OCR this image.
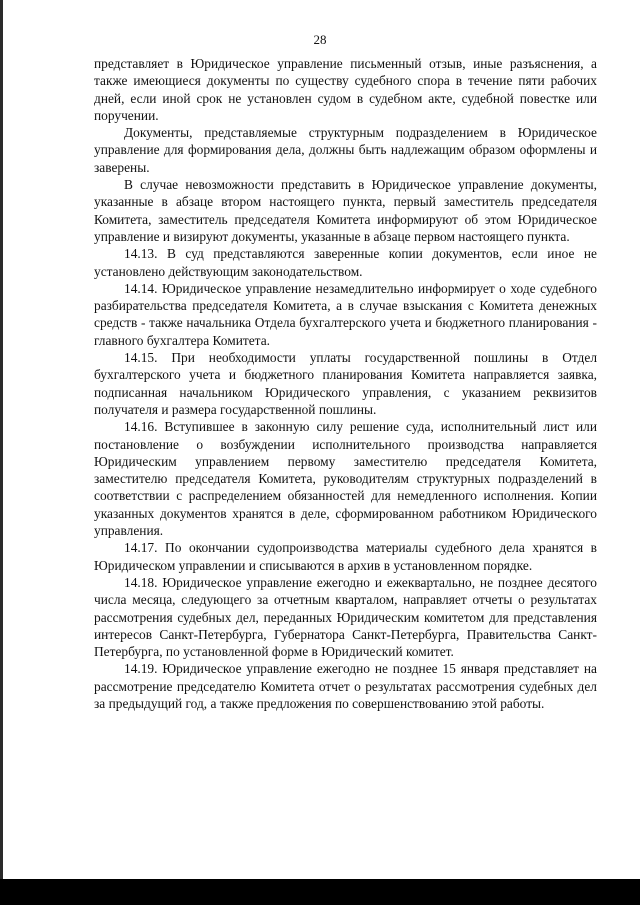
28

представляет в Юридическое управление письменный отзыв, иные разъяснения, а также имеющиеся документы по существу судебного спора в течение пяти рабочих дней, если иной срок не установлен судом в судебном акте, судебной повестке или поручении.

Документы, представляемые структурным подразделением в Юридическое управление для формирования дела, должны быть надлежащим образом оформлены и заверены.

В случае невозможности представить в Юридическое управление документы, указанные в абзаце втором настоящего пункта, первый заместитель председателя Комитета, заместитель председателя Комитета информируют об этом Юридическое управление и визируют документы, указанные в абзаце первом настоящего пункта.

14.13. В суд представляются заверенные копии документов, если иное не установлено действующим законодательством.

14.14. Юридическое управление незамедлительно информирует о ходе судебного разбирательства председателя Комитета, а в случае взыскания с Комитета денежных средств - также начальника Отдела бухгалтерского учета и бюджетного планирования - главного бухгалтера Комитета.

14.15. При необходимости уплаты государственной пошлины в Отдел бухгалтерского учета и бюджетного планирования Комитета направляется заявка, подписанная начальником Юридического управления, с указанием реквизитов получателя и размера государственной пошлины.

14.16. Вступившее в законную силу решение суда, исполнительный лист или постановление о возбуждении исполнительного производства направляется Юридическим управлением первому заместителю председателя Комитета, заместителю председателя Комитета, руководителям структурных подразделений в соответствии с распределением обязанностей для немедленного исполнения. Копии указанных документов хранятся в деле, сформированном работником Юридического управления.

14.17. По окончании судопроизводства материалы судебного дела хранятся в Юридическом управлении и списываются в архив в установленном порядке.

14.18. Юридическое управление ежегодно и ежеквартально, не позднее десятого числа месяца, следующего за отчетным кварталом, направляет отчеты о результатах рассмотрения судебных дел, переданных Юридическим комитетом для представления интересов Санкт-Петербурга, Губернатора Санкт-Петербурга, Правительства Санкт-Петербурга, по установленной форме в Юридический комитет.

14.19. Юридическое управление ежегодно не позднее 15 января представляет на рассмотрение председателю Комитета отчет о результатах рассмотрения судебных дел за предыдущий год, а также предложения по совершенствованию этой работы.
